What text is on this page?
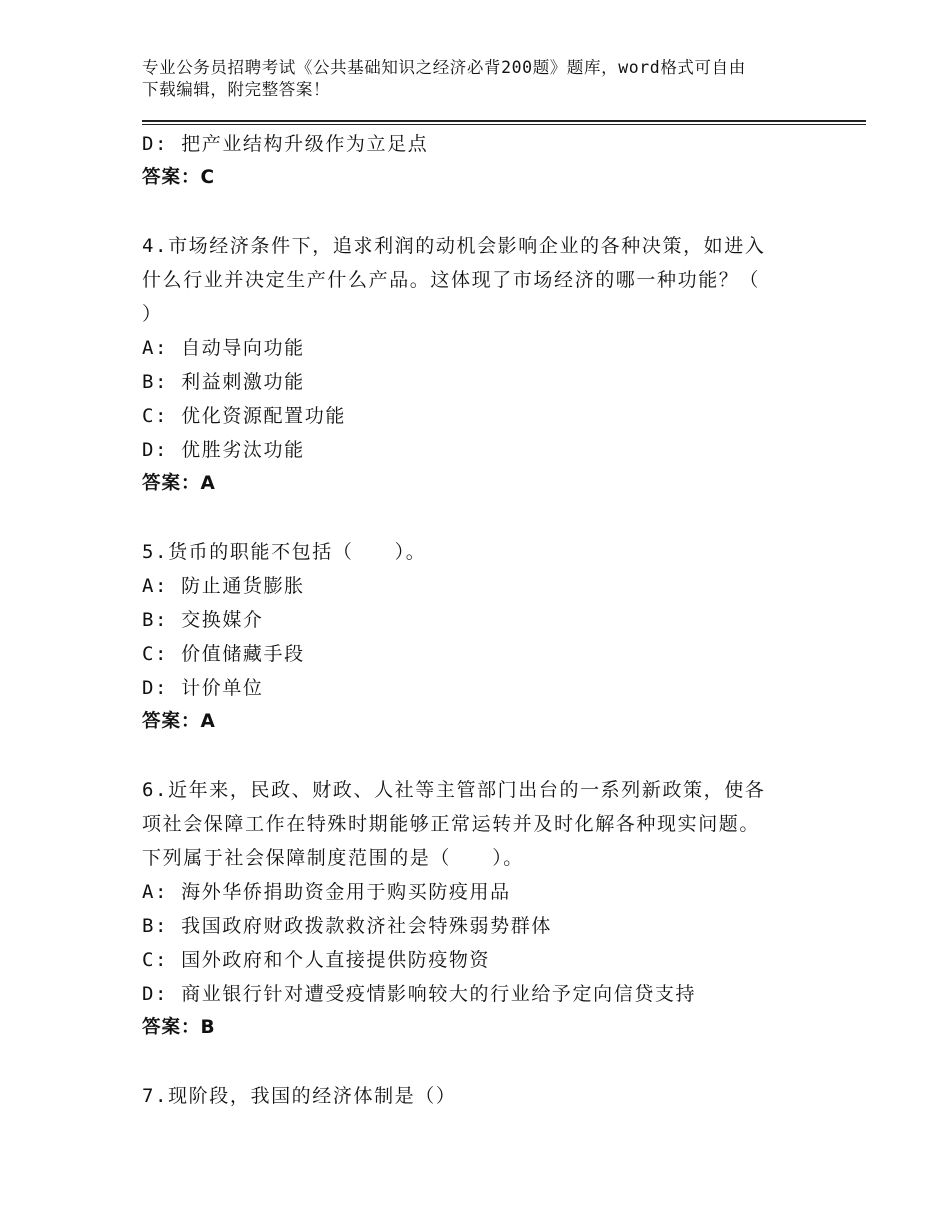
专业公务员招聘考试《公共基础知识之经济必背200题》题库，word格式可自由
下载编辑，附完整答案！
D: 把产业结构升级作为立足点
答案：C
4.市场经济条件下，追求利润的动机会影响企业的各种决策，如进入
什么行业并决定生产什么产品。这体现了市场经济的哪一种功能？（
）
A: 自动导向功能
B: 利益刺激功能
C: 优化资源配置功能
D: 优胜劣汰功能
答案：A
5.货币的职能不包括（　　）。
A: 防止通货膨胀
B: 交换媒介
C: 价值储藏手段
D: 计价单位
答案：A
6.近年来，民政、财政、人社等主管部门出台的一系列新政策，使各
项社会保障工作在特殊时期能够正常运转并及时化解各种现实问题。
下列属于社会保障制度范围的是（　　）。
A: 海外华侨捐助资金用于购买防疫用品
B: 我国政府财政拨款救济社会特殊弱势群体
C: 国外政府和个人直接提供防疫物资
D: 商业银行针对遭受疫情影响较大的行业给予定向信贷支持
答案：B
7.现阶段，我国的经济体制是（）
